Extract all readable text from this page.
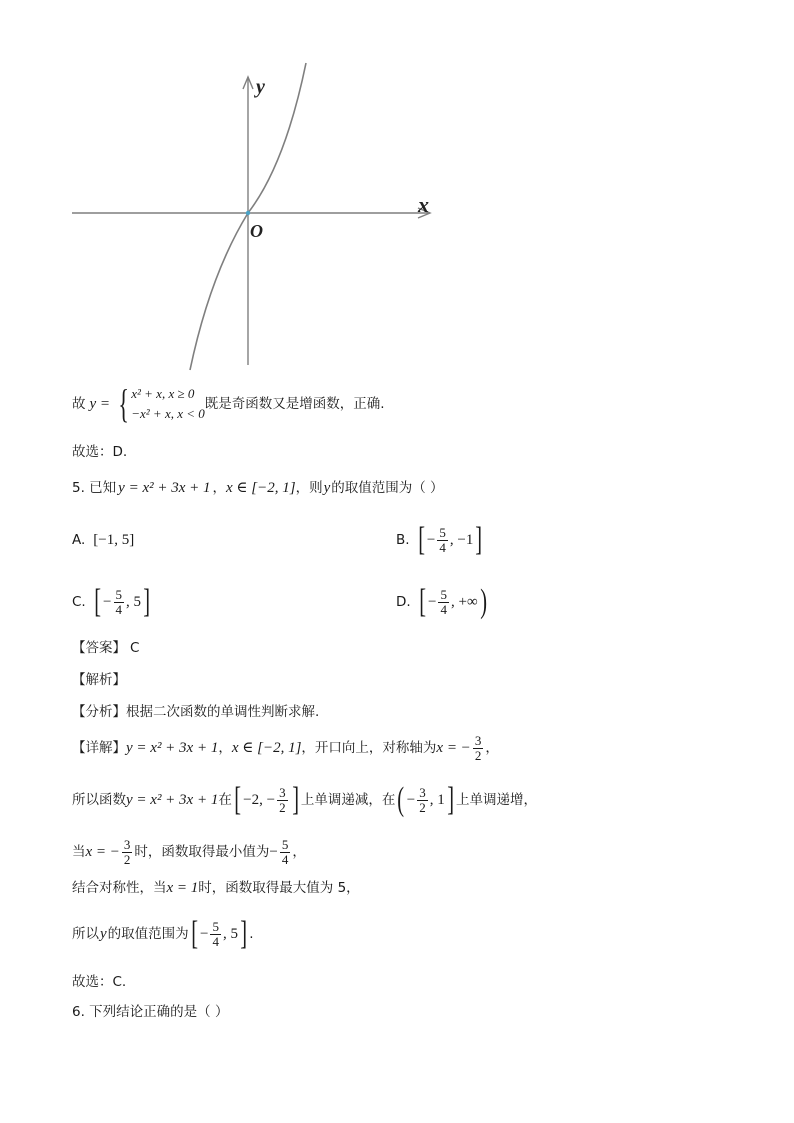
y
x
O
故 y = { x² + x, x ≥ 0
−x² + x, x < 0
既是奇函数又是增函数，正确.
故选：D.
5. 已知 y = x² + 3x + 1 ， x ∈ [−2, 1] ，则 y 的取值范围为（ ）
A. [−1, 5]	B. [ − $\frac{5}{4}$ , −1 ]
C. [ − $\frac{5}{4}$ , 5 ]	D. [ − $\frac{5}{4}$ , +∞ )
【答案】 C
【解析】
【分析】 根据二次函数的单调性判断求解.
【详解】 y = x² + 3x + 1 ， x ∈ [−2, 1] ，开口向上，对称轴为 x = − $\frac{3}{2}$ ，
所以函数 y = x² + 3x + 1 在 [ −2, − $\frac{3}{2}$ ] 上单调递减，在 ( − $\frac{3}{2}$ , 1 ] 上单调递增，
当 x = − $\frac{3}{2}$ 时，函数取得最小值为 − $\frac{5}{4}$ ，
结合对称性，当 x = 1 时，函数取得最大值为 5，
所以 y 的取值范围为 [ − $\frac{5}{4}$ , 5 ] .
故选：C.
6. 下列结论正确的是（ ）
